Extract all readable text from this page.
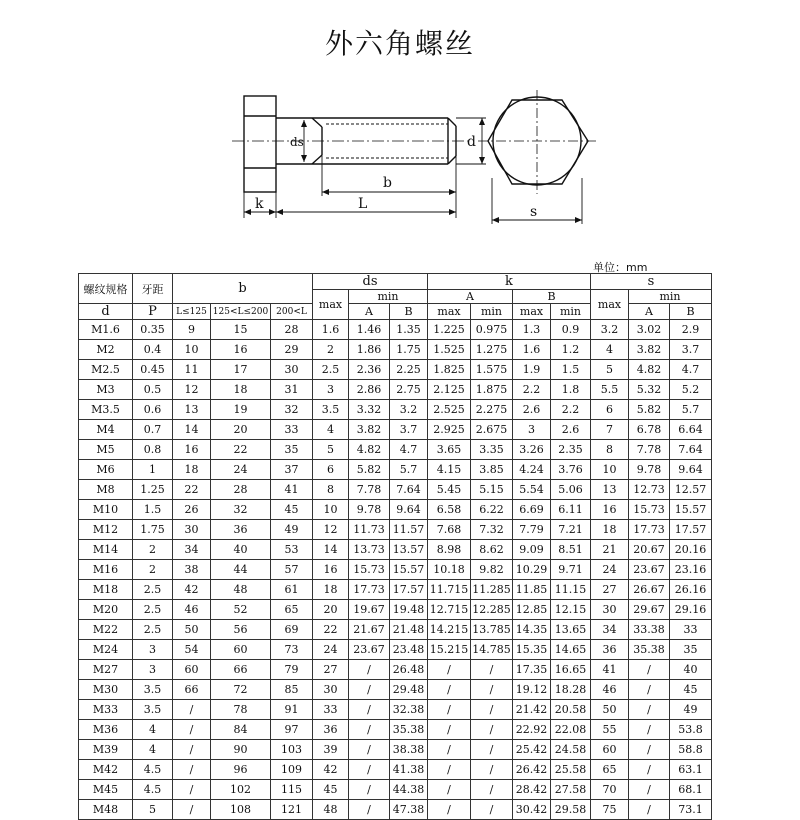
外六角螺丝
ds	d
b
k	L	s
单位：mm
螺纹规格	牙距	b			ds			k				s		
					max	min		A		B		max	min	
d	P	L≤125	125<L≤200	200<L		A	B	max	min	max	min		A	B
M1.6	0.35	9	15	28	1.6	1.46	1.35	1.225	0.975	1.3	0.9	3.2	3.02	2.9
M2	0.4	10	16	29	2	1.86	1.75	1.525	1.275	1.6	1.2	4	3.82	3.7
M2.5	0.45	11	17	30	2.5	2.36	2.25	1.825	1.575	1.9	1.5	5	4.82	4.7
M3	0.5	12	18	31	3	2.86	2.75	2.125	1.875	2.2	1.8	5.5	5.32	5.2
M3.5	0.6	13	19	32	3.5	3.32	3.2	2.525	2.275	2.6	2.2	6	5.82	5.7
M4	0.7	14	20	33	4	3.82	3.7	2.925	2.675	3	2.6	7	6.78	6.64
M5	0.8	16	22	35	5	4.82	4.7	3.65	3.35	3.26	2.35	8	7.78	7.64
M6	1	18	24	37	6	5.82	5.7	4.15	3.85	4.24	3.76	10	9.78	9.64
M8	1.25	22	28	41	8	7.78	7.64	5.45	5.15	5.54	5.06	13	12.73	12.57
M10	1.5	26	32	45	10	9.78	9.64	6.58	6.22	6.69	6.11	16	15.73	15.57
M12	1.75	30	36	49	12	11.73	11.57	7.68	7.32	7.79	7.21	18	17.73	17.57
M14	2	34	40	53	14	13.73	13.57	8.98	8.62	9.09	8.51	21	20.67	20.16
M16	2	38	44	57	16	15.73	15.57	10.18	9.82	10.29	9.71	24	23.67	23.16
M18	2.5	42	48	61	18	17.73	17.57	11.715	11.285	11.85	11.15	27	26.67	26.16
M20	2.5	46	52	65	20	19.67	19.48	12.715	12.285	12.85	12.15	30	29.67	29.16
M22	2.5	50	56	69	22	21.67	21.48	14.215	13.785	14.35	13.65	34	33.38	33
M24	3	54	60	73	24	23.67	23.48	15.215	14.785	15.35	14.65	36	35.38	35
M27	3	60	66	79	27	/	26.48	/	/	17.35	16.65	41	/	40
M30	3.5	66	72	85	30	/	29.48	/	/	19.12	18.28	46	/	45
M33	3.5	/	78	91	33	/	32.38	/	/	21.42	20.58	50	/	49
M36	4	/	84	97	36	/	35.38	/	/	22.92	22.08	55	/	53.8
M39	4	/	90	103	39	/	38.38	/	/	25.42	24.58	60	/	58.8
M42	4.5	/	96	109	42	/	41.38	/	/	26.42	25.58	65	/	63.1
M45	4.5	/	102	115	45	/	44.38	/	/	28.42	27.58	70	/	68.1
M48	5	/	108	121	48	/	47.38	/	/	30.42	29.58	75	/	73.1
